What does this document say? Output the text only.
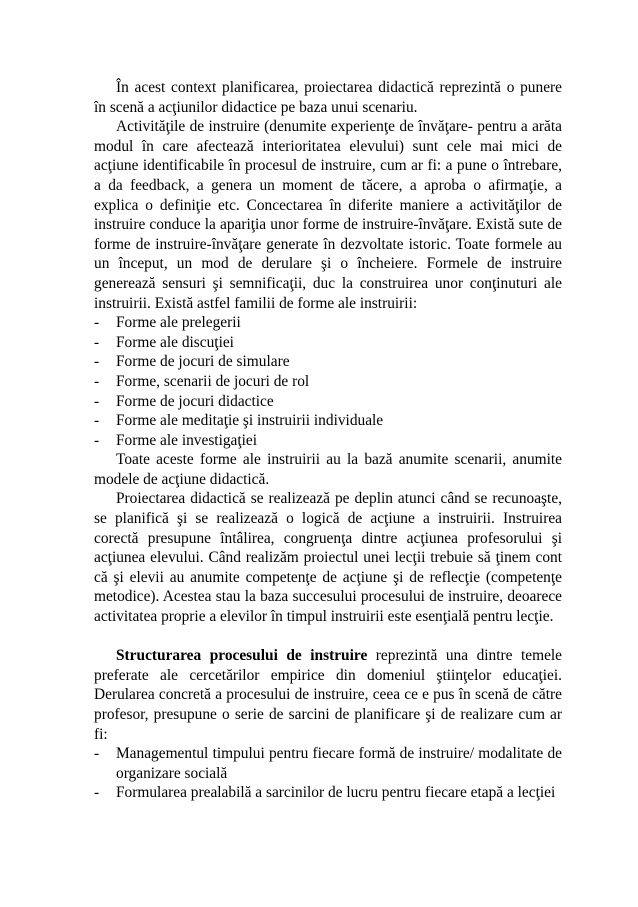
În acest context planificarea, proiectarea didactică reprezintă o punere în scenă a acţiunilor didactice pe baza unui scenariu.

Activităţile de instruire (denumite experienţe de învăţare- pentru a arăta modul în care afectează interioritatea elevului) sunt cele mai mici de acţiune identificabile în procesul de instruire, cum ar fi: a pune o întrebare, a da feedback, a genera un moment de tăcere, a aproba o afirmaţie, a explica o definiţie etc. Concectarea în diferite maniere a activităţilor de instruire conduce la apariţia unor forme de instruire-învăţare. Există sute de forme de instruire-învăţare generate în dezvoltate istoric. Toate formele au un început, un mod de derulare şi o încheiere. Formele de instruire generează sensuri şi semnificaţii, duc la construirea unor conţinuturi ale instruirii. Există astfel familii de forme ale instruirii:

- Forme ale prelegerii
- Forme ale discuţiei
- Forme de jocuri de simulare
- Forme, scenarii de jocuri de rol
- Forme de jocuri didactice
- Forme ale meditaţie şi instruirii individuale
- Forme ale investigaţiei

Toate aceste forme ale instruirii au la bază anumite scenarii, anumite modele de acţiune didactică.

Proiectarea didactică se realizează pe deplin atunci când se recunoaşte, se planifică şi se realizează o logică de acţiune a instruirii. Instruirea corectă presupune întâlirea, congruenţa dintre acţiunea profesorului şi acţiunea elevului. Când realizăm proiectul unei lecţii trebuie să ţinem cont că şi elevii au anumite competenţe de acţiune şi de reflecţie (competenţe metodice). Acestea stau la baza succesului procesului de instruire, deoarece activitatea proprie a elevilor în timpul instruirii este esenţială pentru lecţie.

Structurarea procesului de instruire reprezintă una dintre temele preferate ale cercetărilor empirice din domeniul ştiinţelor educaţiei. Derularea concretă a procesului de instruire, ceea ce e pus în scenă de către profesor, presupune o serie de sarcini de planificare şi de realizare cum ar fi:

- Managementul timpului pentru fiecare formă de instruire/ modalitate de organizare socială
- Formularea prealabilă a sarcinilor de lucru pentru fiecare etapă a lecţiei
